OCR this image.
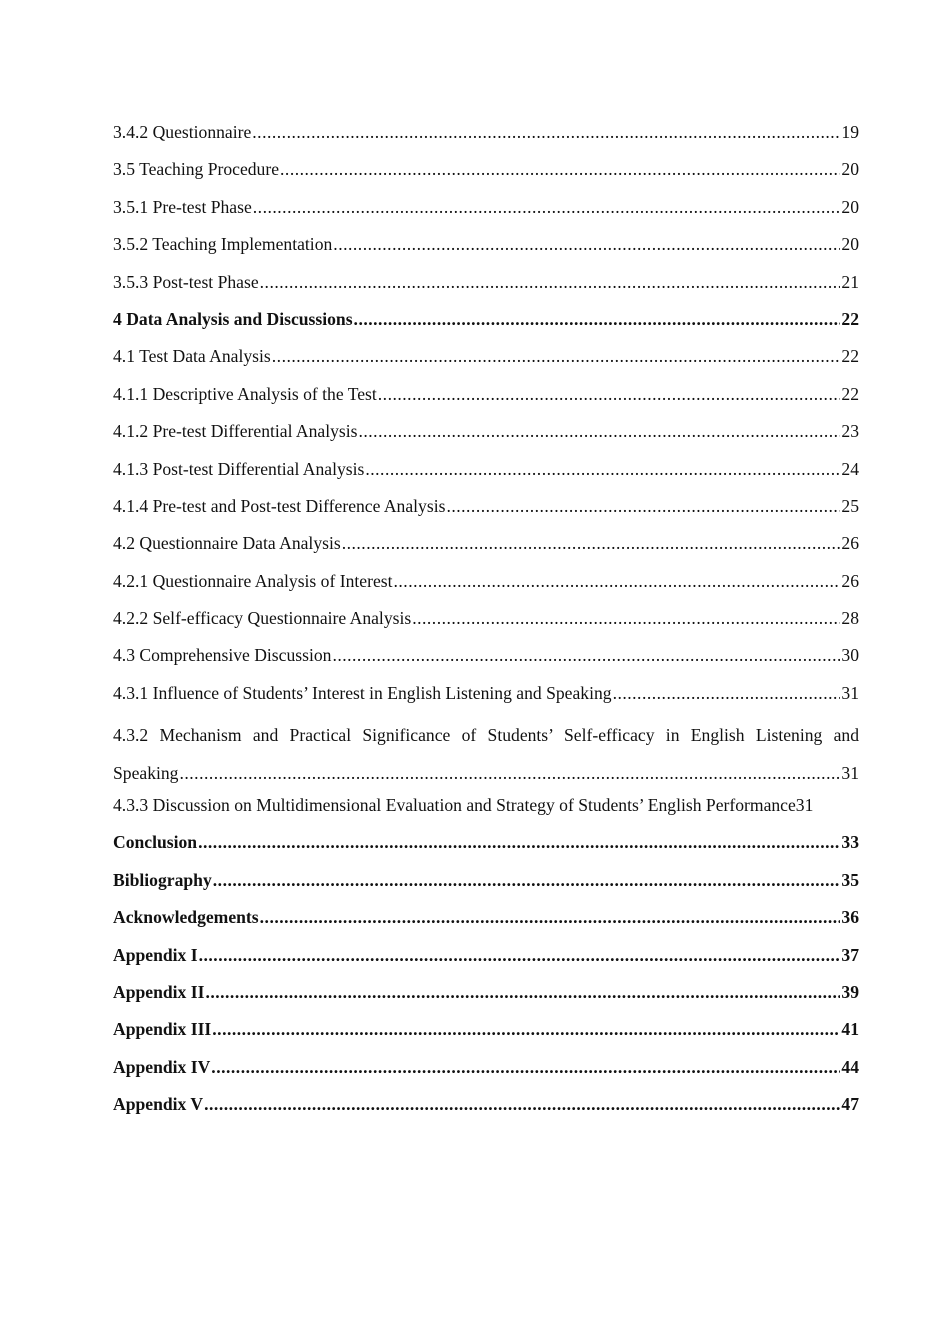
3.4.2 Questionnaire .....	19
3.5 Teaching Procedure .....	20
3.5.1 Pre-test Phase .....	20
3.5.2 Teaching Implementation .....	20
3.5.3 Post-test Phase .....	21
4 Data Analysis and Discussions .....	22
4.1 Test Data Analysis .....	22
4.1.1 Descriptive Analysis of the Test .....	22
4.1.2 Pre-test Differential Analysis .....	23
4.1.3 Post-test Differential Analysis .....	24
4.1.4 Pre-test and Post-test Difference Analysis .....	25
4.2 Questionnaire Data Analysis .....	26
4.2.1 Questionnaire Analysis of Interest .....	26
4.2.2 Self-efficacy Questionnaire Analysis .....	28
4.3 Comprehensive Discussion .....	30
4.3.1 Influence of Students’ Interest in English Listening and Speaking .....	31
4.3.2 Mechanism and Practical Significance of Students’ Self-efficacy in English Listening and
Speaking .....	31
4.3.3 Discussion on Multidimensional Evaluation and Strategy of Students’ English Performance 31
Conclusion .....	33
Bibliography .....	35
Acknowledgements .....	36
Appendix I .....	37
Appendix II .....	39
Appendix III .....	41
Appendix IV .....	44
Appendix V .....	47
